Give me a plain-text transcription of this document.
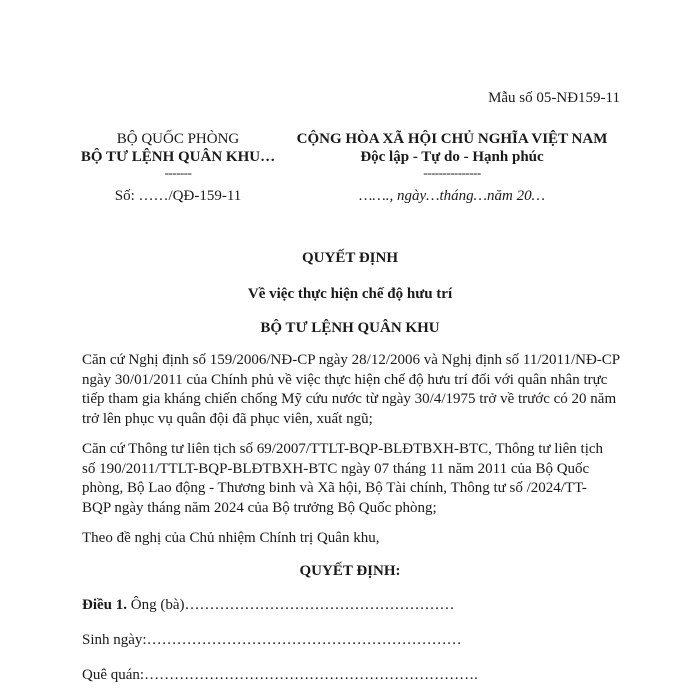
Mẫu số 05-NĐ159-11
BỘ QUỐC PHÒNG
BỘ TƯ LỆNH QUÂN KHU…
-------
Số: ……/QĐ-159-11
CỘNG HÒA XÃ HỘI CHỦ NGHĨA VIỆT NAM
Độc lập - Tự do - Hạnh phúc
---------------
……., ngày…tháng…năm 20…
QUYẾT ĐỊNH
Về việc thực hiện chế độ hưu trí
BỘ TƯ LỆNH QUÂN KHU

Căn cứ Nghị định số 159/2006/NĐ-CP ngày 28/12/2006 và Nghị định số 11/2011/NĐ-CP

ngày 30/01/2011 của Chính phủ về việc thực hiện chế độ hưu trí đối với quân nhân trực

tiếp tham gia kháng chiến chống Mỹ cứu nước từ ngày 30/4/1975 trở về trước có 20 năm

trở lên phục vụ quân đội đã phục viên, xuất ngũ;

Căn cứ Thông tư liên tịch số 69/2007/TTLT-BQP-BLĐTBXH-BTC, Thông tư liên tịch

số 190/2011/TTLT-BQP-BLĐTBXH-BTC ngày 07 tháng 11 năm 2011 của Bộ Quốc

phòng, Bộ Lao động - Thương binh và Xã hội, Bộ Tài chính, Thông tư số /2024/TT-

BQP ngày tháng năm 2024 của Bộ trưởng Bộ Quốc phòng;

Theo đề nghị của Chủ nhiệm Chính trị Quân khu,

QUYẾT ĐỊNH:
Điều 1. Ông (bà)………………………………………………
Sinh ngày:………………………………………………………
Quê quán:………………………………………………………….
